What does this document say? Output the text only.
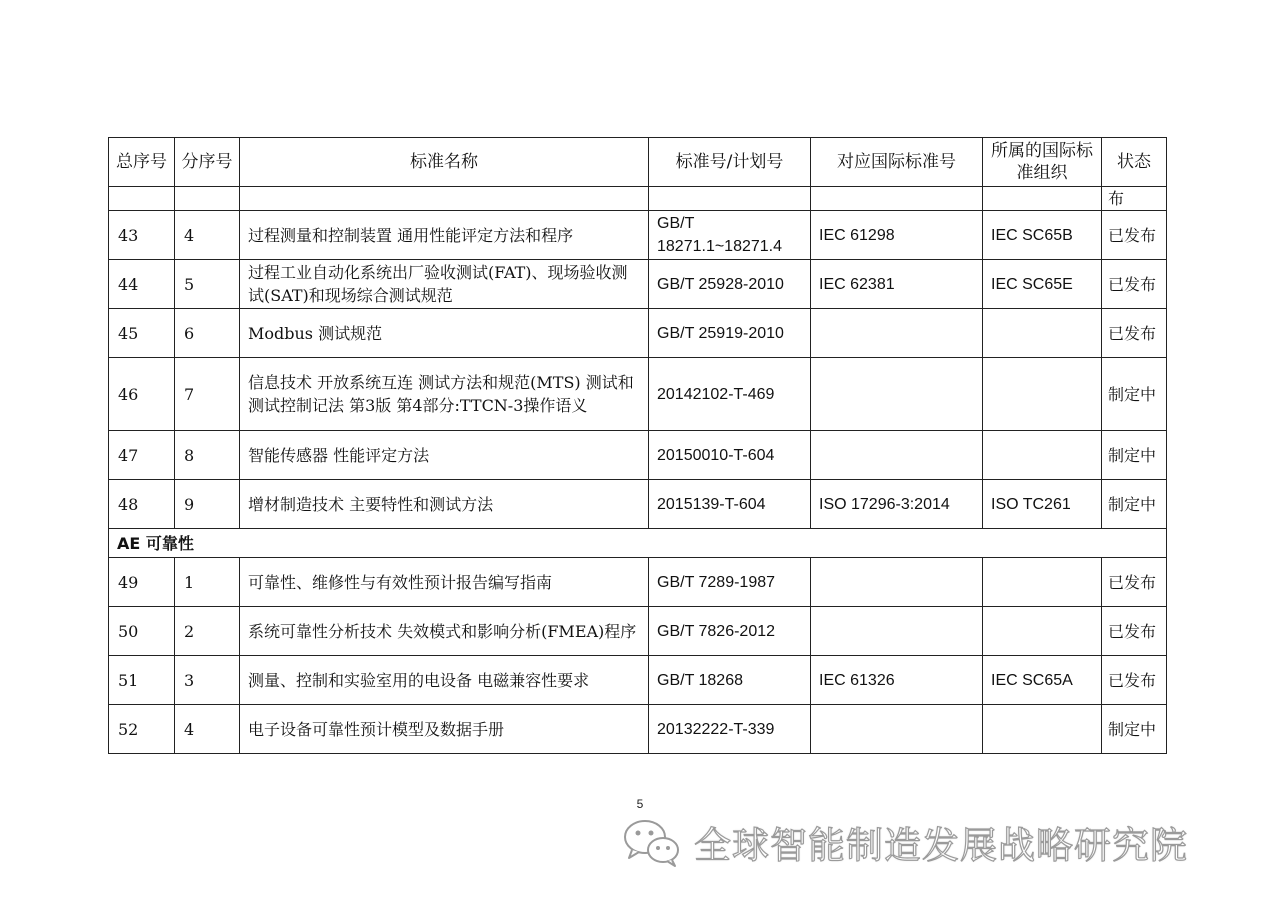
总序号	分序号	标准名称	标准号/计划号	对应国际标准号	所属的国际标准组织	状态
						布
43	4	过程测量和控制装置 通用性能评定方法和程序	GB/T 18271.1~18271.4	IEC 61298	IEC SC65B	已发布
44	5	过程工业自动化系统出厂验收测试(FAT)、现场验收测试(SAT)和现场综合测试规范	GB/T 25928-2010	IEC 62381	IEC SC65E	已发布
45	6	Modbus 测试规范	GB/T 25919-2010			已发布
46	7	信息技术 开放系统互连 测试方法和规范(MTS) 测试和测试控制记法 第3版 第4部分:TTCN-3操作语义	20142102-T-469			制定中
47	8	智能传感器 性能评定方法	20150010-T-604			制定中
48	9	增材制造技术 主要特性和测试方法	2015139-T-604	ISO 17296-3:2014	ISO TC261	制定中
AE 可靠性						
49	1	可靠性、维修性与有效性预计报告编写指南	GB/T 7289-1987			已发布
50	2	系统可靠性分析技术 失效模式和影响分析(FMEA)程序	GB/T 7826-2012			已发布
51	3	测量、控制和实验室用的电设备 电磁兼容性要求	GB/T 18268	IEC 61326	IEC SC65A	已发布
52	4	电子设备可靠性预计模型及数据手册	20132222-T-339			制定中
5
全球智能制造发展战略研究院
